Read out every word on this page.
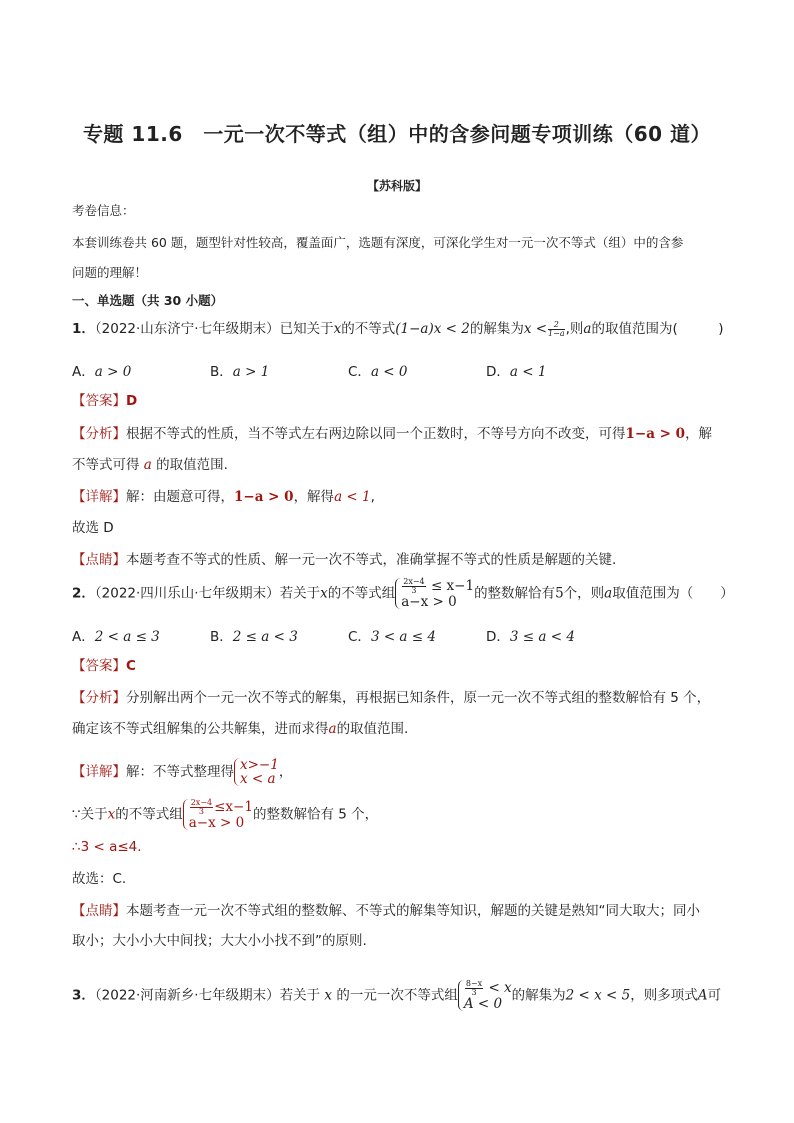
专题 11.6　一元一次不等式（组）中的含参问题专项训练（60 道）
【苏科版】
考卷信息：
本套训练卷共 60 题，题型针对性较高，覆盖面广，选题有深度，可深化学生对一元一次不等式（组）中的含参
问题的理解！
一、单选题（共 30 小题）
1．（2022·山东济宁·七年级期末）已知关于x的不等式(1−a)x < 2的解集为$x < \frac{2}{1-a}$ ,则a的取值范围为(　　　)
A．a > 0	B．a > 1	C．a < 0	D．a < 1
【答案】D
【分析】根据不等式的性质，当不等式左右两边除以同一个正数时，不等号方向不改变，可得1−a > 0，解
不等式可得 a 的取值范围.
【详解】解：由题意可得，1−a > 0，解得a < 1,
故选 D
【点睛】本题考查不等式的性质、解一元一次不等式，准确掌握不等式的性质是解题的关键.
2．（2022·四川乐山·七年级期末）若关于x的不等式组 $\frac{2x-4}{3} \le x-1$
a−x > 0
的整数解恰有5个，则a取值范围为（　　）
A．2 < a ≤ 3	B．2 ≤ a < 3	C．3 < a ≤ 4	D．3 ≤ a < 4
【答案】C
【分析】分别解出两个一元一次不等式的解集，再根据已知条件，原一元一次不等式组的整数解恰有 5 个，
确定该不等式组解集的公共解集，进而求得a的取值范围.
【详解】解：不等式整理得 x>−1
x < a ，
∵关于x的不等式组 $\frac{2x-4}{3} \le x-1$
a−x > 0
的整数解恰有 5 个，
∴3 < a≤4.
故选：C.
【点睛】本题考查一元一次不等式组的整数解、不等式的解集等知识，解题的关键是熟知“同大取大；同小
取小；大小小大中间找；大大小小找不到”的原则.
3．（2022·河南新乡·七年级期末）若关于 x 的一元一次不等式组 $\frac{8-x}{3} < x$
A < 0
的解集为2 < x < 5，则多项式A可
